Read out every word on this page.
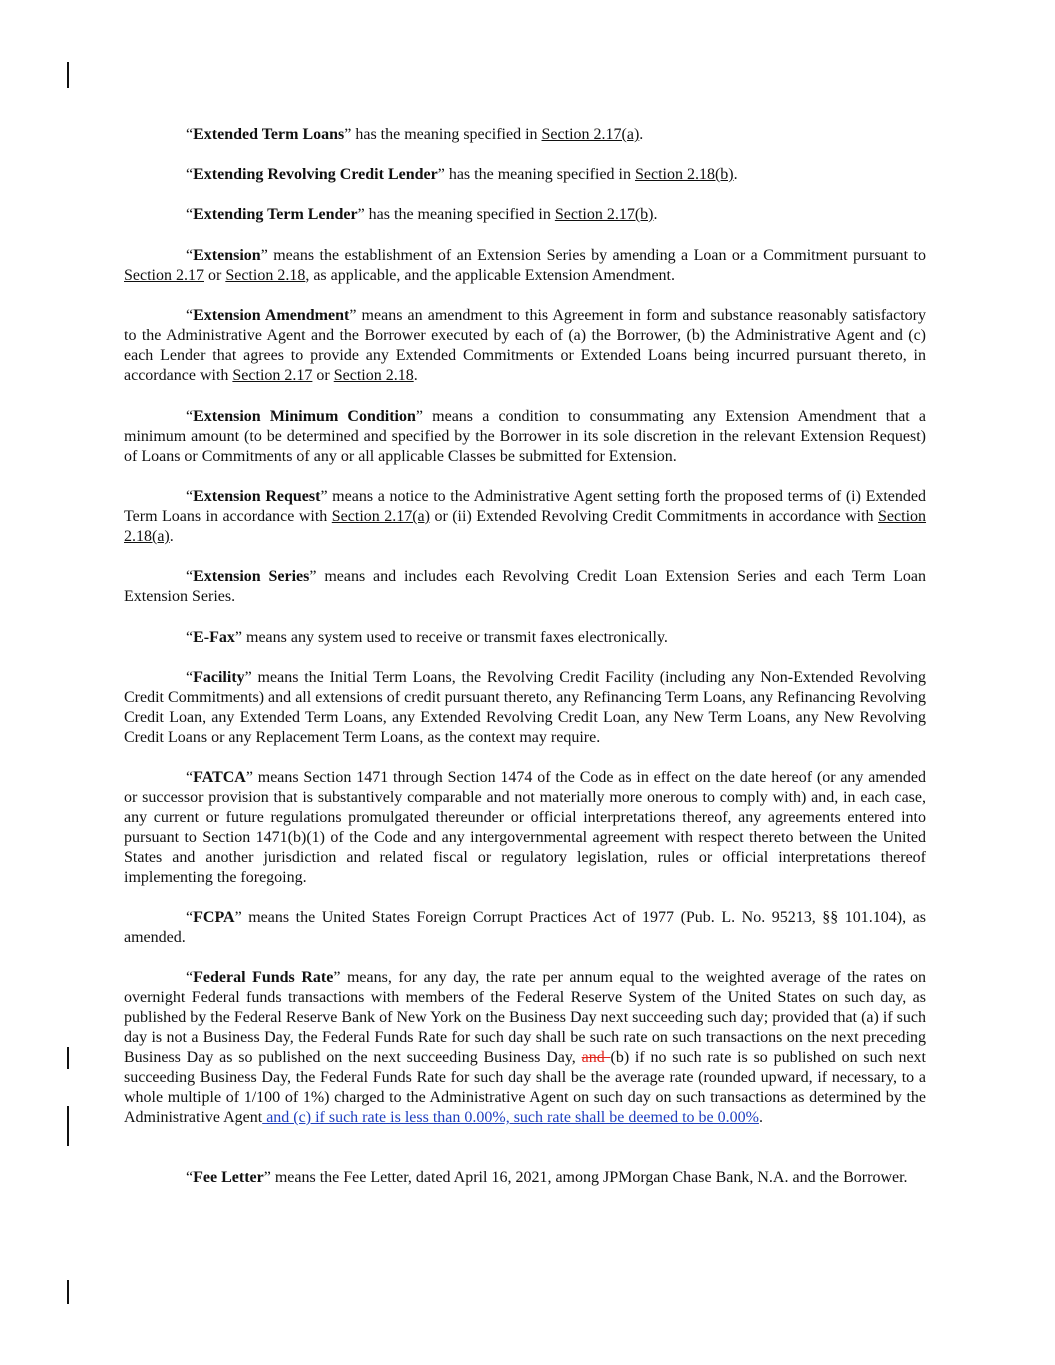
“Extended Term Loans” has the meaning specified in Section 2.17(a).

“Extending Revolving Credit Lender” has the meaning specified in Section 2.18(b).

“Extending Term Lender” has the meaning specified in Section 2.17(b).

“Extension” means the establishment of an Extension Series by amending a Loan or a Commitment pursuant to Section 2.17 or Section 2.18, as applicable, and the applicable Extension Amendment.

“Extension Amendment” means an amendment to this Agreement in form and substance reasonably satisfactory to the Administrative Agent and the Borrower executed by each of (a) the Borrower, (b) the Administrative Agent and (c) each Lender that agrees to provide any Extended Commitments or Extended Loans being incurred pursuant thereto, in accordance with Section 2.17 or Section 2.18.

“Extension Minimum Condition” means a condition to consummating any Extension Amendment that a minimum amount (to be determined and specified by the Borrower in its sole discretion in the relevant Extension Request) of Loans or Commitments of any or all applicable Classes be submitted for Extension.

“Extension Request” means a notice to the Administrative Agent setting forth the proposed terms of (i) Extended Term Loans in accordance with Section 2.17(a) or (ii) Extended Revolving Credit Commitments in accordance with Section 2.18(a).

“Extension Series” means and includes each Revolving Credit Loan Extension Series and each Term Loan Extension Series.

“E-Fax” means any system used to receive or transmit faxes electronically.

“Facility” means the Initial Term Loans, the Revolving Credit Facility (including any Non-Extended Revolving Credit Commitments) and all extensions of credit pursuant thereto, any Refinancing Term Loans, any Refinancing Revolving Credit Loan, any Extended Term Loans, any Extended Revolving Credit Loan, any New Term Loans, any New Revolving Credit Loans or any Replacement Term Loans, as the context may require.

“FATCA” means Section 1471 through Section 1474 of the Code as in effect on the date hereof (or any amended or successor provision that is substantively comparable and not materially more onerous to comply with) and, in each case, any current or future regulations promulgated thereunder or official interpretations thereof, any agreements entered into pursuant to Section 1471(b)(1) of the Code and any intergovernmental agreement with respect thereto between the United States and another jurisdiction and related fiscal or regulatory legislation, rules or official interpretations thereof implementing the foregoing.

“FCPA” means the United States Foreign Corrupt Practices Act of 1977 (Pub. L. No. 95213, §§ 101.104), as amended.

“Federal Funds Rate” means, for any day, the rate per annum equal to the weighted average of the rates on overnight Federal funds transactions with members of the Federal Reserve System of the United States on such day, as published by the Federal Reserve Bank of New York on the Business Day next succeeding such day; provided that (a) if such day is not a Business Day, the Federal Funds Rate for such day shall be such rate on such transactions on the next preceding Business Day as so published on the next succeeding Business Day, and (b) if no such rate is so published on such next succeeding Business Day, the Federal Funds Rate for such day shall be the average rate (rounded upward, if necessary, to a whole multiple of 1/100 of 1%) charged to the Administrative Agent on such day on such transactions as determined by the Administrative Agent and (c) if such rate is less than 0.00%, such rate shall be deemed to be 0.00%.

“Fee Letter” means the Fee Letter, dated April 16, 2021, among JPMorgan Chase Bank, N.A. and the Borrower.
